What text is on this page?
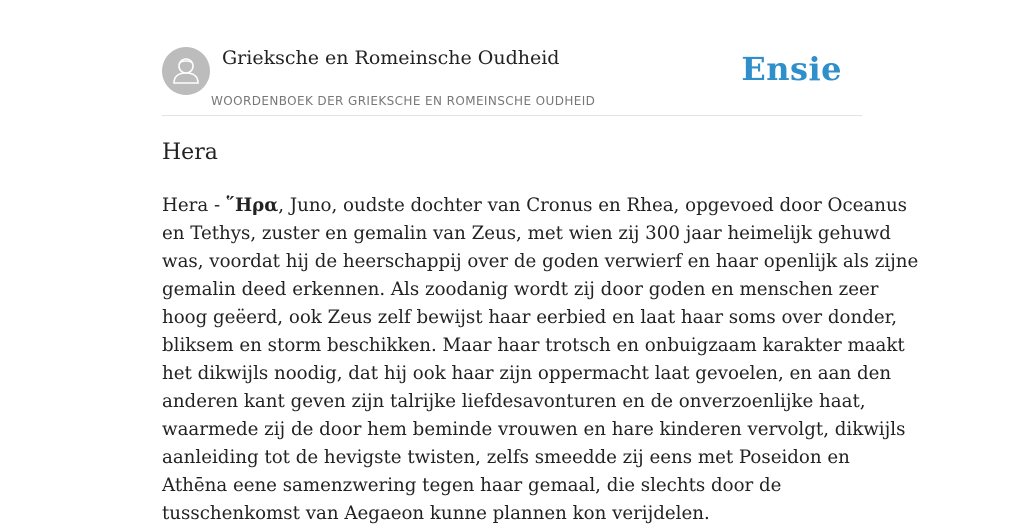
Grieksche en Romeinsche Oudheid
WOORDENBOEK DER GRIEKSCHE EN ROMEINSCHE OUDHEID
Ensie
Hera
Hera - ῞Ηρα, Juno, oudste dochter van Cronus en Rhea, opgevoed door Oceanus
en Tethys, zuster en gemalin van Zeus, met wien zij 300 jaar heimelijk gehuwd
was, voordat hij de heerschappij over de goden verwierf en haar openlijk als zijne
gemalin deed erkennen. Als zoodanig wordt zij door goden en menschen zeer
hoog geëerd, ook Zeus zelf bewijst haar eerbied en laat haar soms over donder,
bliksem en storm beschikken. Maar haar trotsch en onbuigzaam karakter maakt
het dikwijls noodig, dat hij ook haar zijn oppermacht laat gevoelen, en aan den
anderen kant geven zijn talrijke liefdesavonturen en de onverzoenlijke haat,
waarmede zij de door hem beminde vrouwen en hare kinderen vervolgt, dikwijls
aanleiding tot de hevigste twisten, zelfs smeedde zij eens met Poseidon en
Athēna eene samenzwering tegen haar gemaal, die slechts door de
tusschenkomst van Aegaeon kunne plannen kon verijdelen.
